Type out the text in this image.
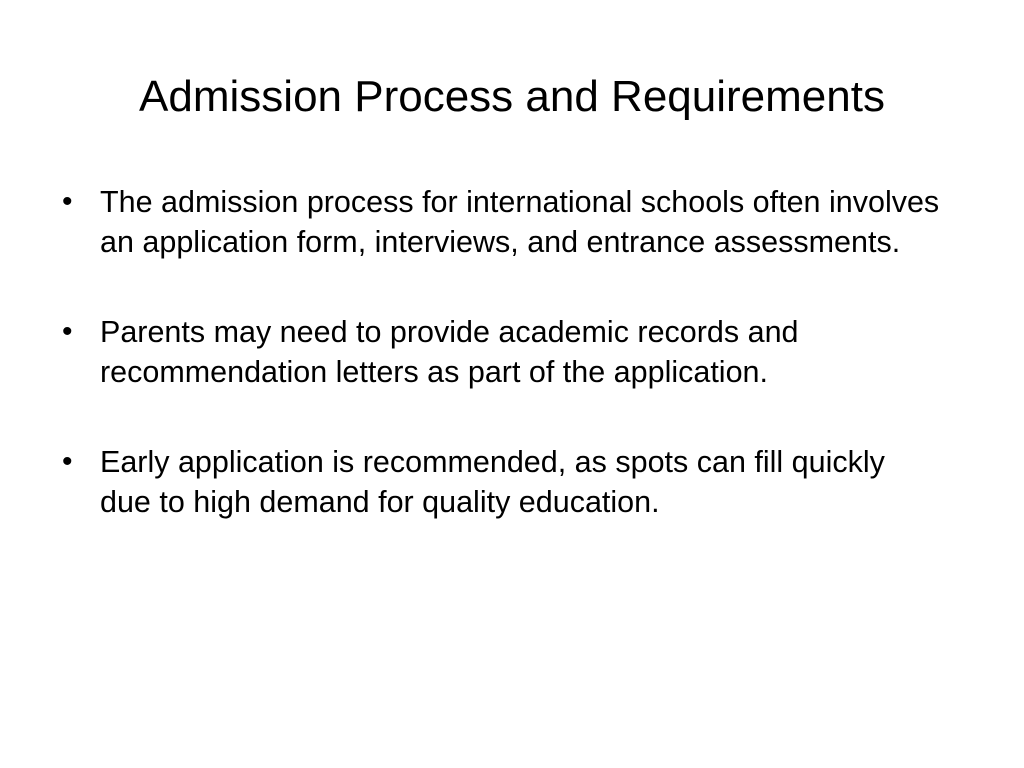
Admission Process and Requirements
• The admission process for international schools often involves an application form, interviews, and entrance assessments.
• Parents may need to provide academic records and recommendation letters as part of the application.
• Early application is recommended, as spots can fill quickly due to high demand for quality education.
